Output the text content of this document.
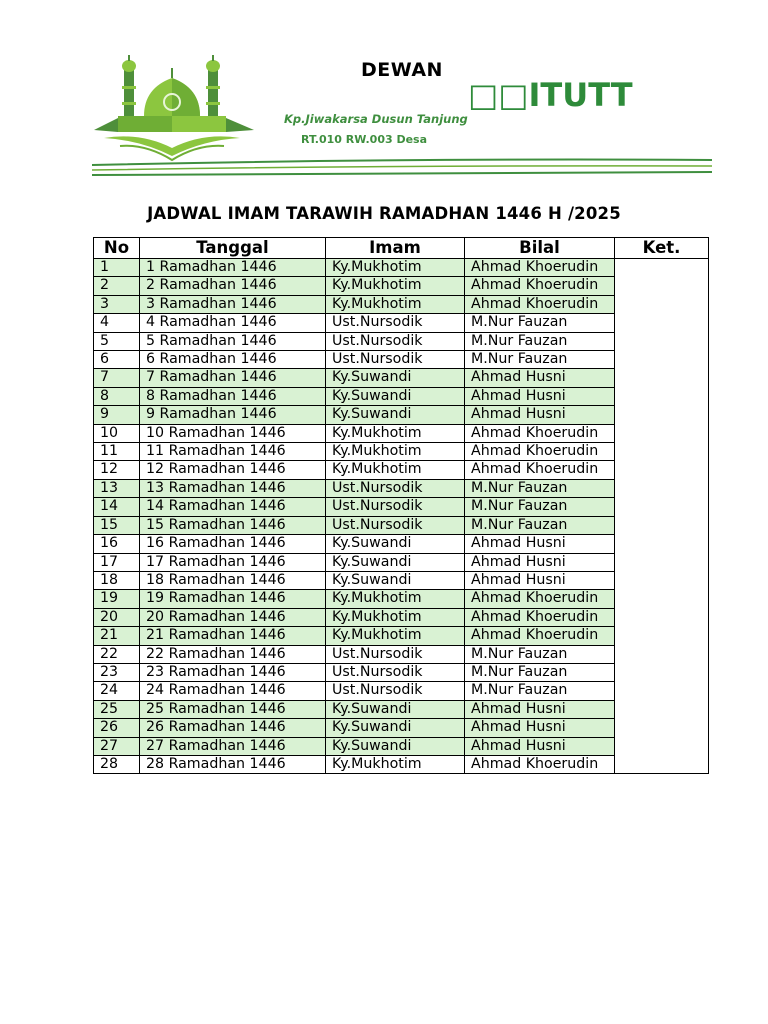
DEWAN
□□ITUTT
Kp.Jiwakarsa Dusun Tanjung
RT.010 RW.003 Desa
JADWAL IMAM TARAWIH RAMADHAN 1446 H /2025
No	Tanggal	Imam	Bilal	Ket.
1	1 Ramadhan 1446	Ky.Mukhotim	Ahmad Khoerudin	
2	2 Ramadhan 1446	Ky.Mukhotim	Ahmad Khoerudin	
3	3 Ramadhan 1446	Ky.Mukhotim	Ahmad Khoerudin	
4	4 Ramadhan 1446	Ust.Nursodik	M.Nur Fauzan	
5	5 Ramadhan 1446	Ust.Nursodik	M.Nur Fauzan	
6	6 Ramadhan 1446	Ust.Nursodik	M.Nur Fauzan	
7	7 Ramadhan 1446	Ky.Suwandi	Ahmad Husni	
8	8 Ramadhan 1446	Ky.Suwandi	Ahmad Husni	
9	9 Ramadhan 1446	Ky.Suwandi	Ahmad Husni	
10	10 Ramadhan 1446	Ky.Mukhotim	Ahmad Khoerudin	
11	11 Ramadhan 1446	Ky.Mukhotim	Ahmad Khoerudin	
12	12 Ramadhan 1446	Ky.Mukhotim	Ahmad Khoerudin	
13	13 Ramadhan 1446	Ust.Nursodik	M.Nur Fauzan	
14	14 Ramadhan 1446	Ust.Nursodik	M.Nur Fauzan	
15	15 Ramadhan 1446	Ust.Nursodik	M.Nur Fauzan	
16	16 Ramadhan 1446	Ky.Suwandi	Ahmad Husni	
17	17 Ramadhan 1446	Ky.Suwandi	Ahmad Husni	
18	18 Ramadhan 1446	Ky.Suwandi	Ahmad Husni	
19	19 Ramadhan 1446	Ky.Mukhotim	Ahmad Khoerudin	
20	20 Ramadhan 1446	Ky.Mukhotim	Ahmad Khoerudin	
21	21 Ramadhan 1446	Ky.Mukhotim	Ahmad Khoerudin	
22	22 Ramadhan 1446	Ust.Nursodik	M.Nur Fauzan	
23	23 Ramadhan 1446	Ust.Nursodik	M.Nur Fauzan	
24	24 Ramadhan 1446	Ust.Nursodik	M.Nur Fauzan	
25	25 Ramadhan 1446	Ky.Suwandi	Ahmad Husni	
26	26 Ramadhan 1446	Ky.Suwandi	Ahmad Husni	
27	27 Ramadhan 1446	Ky.Suwandi	Ahmad Husni	
28	28 Ramadhan 1446	Ky.Mukhotim	Ahmad Khoerudin	
